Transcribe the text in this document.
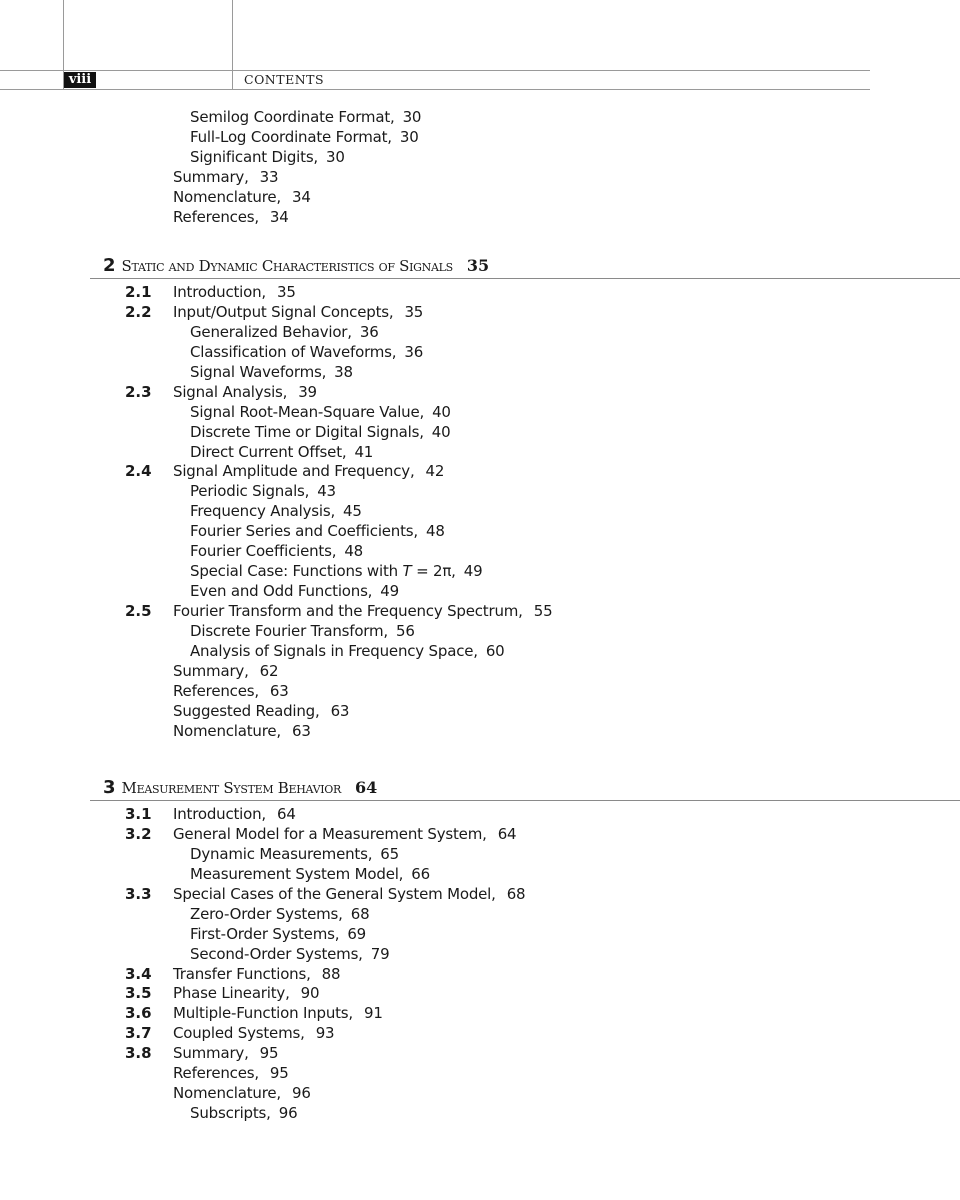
viii	CONTENTS
Semilog Coordinate Format, 30
Full-Log Coordinate Format, 30
Significant Digits, 30
Summary, 33
Nomenclature, 34
References, 34
2 Static and Dynamic Characteristics of Signals 35
2.1 Introduction, 35
2.2 Input/Output Signal Concepts, 35
Generalized Behavior, 36
Classification of Waveforms, 36
Signal Waveforms, 38
2.3 Signal Analysis, 39
Signal Root-Mean-Square Value, 40
Discrete Time or Digital Signals, 40
Direct Current Offset, 41
2.4 Signal Amplitude and Frequency, 42
Periodic Signals, 43
Frequency Analysis, 45
Fourier Series and Coefficients, 48
Fourier Coefficients, 48
Special Case: Functions with T = 2π, 49
Even and Odd Functions, 49
2.5 Fourier Transform and the Frequency Spectrum, 55
Discrete Fourier Transform, 56
Analysis of Signals in Frequency Space, 60
Summary, 62
References, 63
Suggested Reading, 63
Nomenclature, 63
3 Measurement System Behavior 64
3.1 Introduction, 64
3.2 General Model for a Measurement System, 64
Dynamic Measurements, 65
Measurement System Model, 66
3.3 Special Cases of the General System Model, 68
Zero-Order Systems, 68
First-Order Systems, 69
Second-Order Systems, 79
3.4 Transfer Functions, 88
3.5 Phase Linearity, 90
3.6 Multiple-Function Inputs, 91
3.7 Coupled Systems, 93
3.8 Summary, 95
References, 95
Nomenclature, 96
Subscripts, 96
